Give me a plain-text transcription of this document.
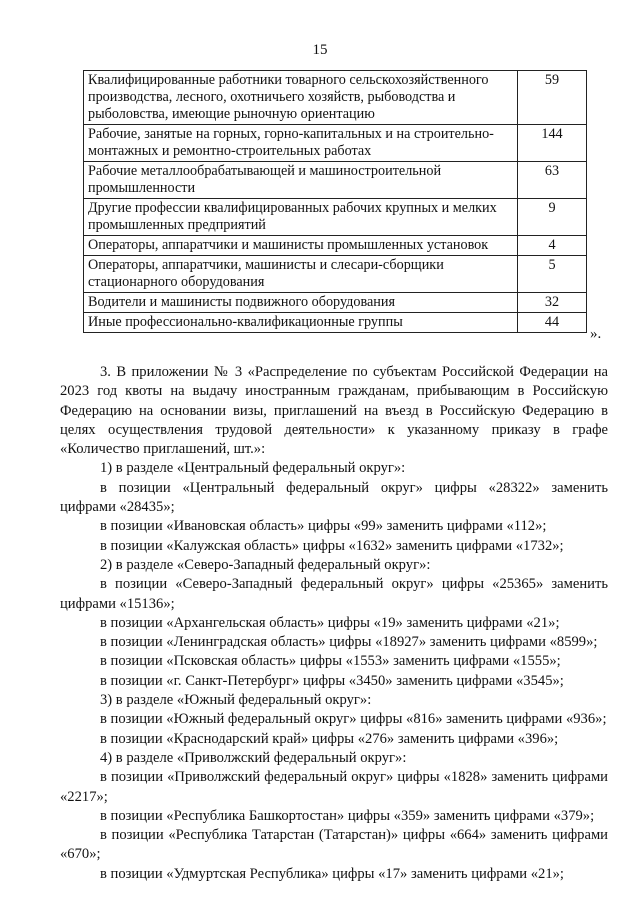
15
Квалифицированные работники товарного сельскохозяйственного производства, лесного, охотничьего хозяйств, рыбоводства и рыболовства, имеющие рыночную ориентацию	59
Рабочие, занятые на горных, горно-капитальных и на строительно-монтажных и ремонтно-строительных работах	144
Рабочие металлообрабатывающей и машиностроительной промышленности	63
Другие профессии квалифицированных рабочих крупных и мелких промышленных предприятий	9
Операторы, аппаратчики и машинисты промышленных установок	4
Операторы, аппаратчики, машинисты и слесари-сборщики стационарного оборудования	5
Водители и машинисты подвижного оборудования	32
Иные профессионально-квалификационные группы	44
».

3. В приложении № 3 «Распределение по субъектам Российской Федерации на 2023 год квоты на выдачу иностранным гражданам, прибывающим в Российскую Федерацию на основании визы, приглашений на въезд в Российскую Федерацию в целях осуществления трудовой деятельности» к указанному приказу в графе «Количество приглашений, шт.»:

1) в разделе «Центральный федеральный округ»:

в позиции «Центральный федеральный округ» цифры «28322» заменить цифрами «28435»;

в позиции «Ивановская область» цифры «99» заменить цифрами «112»;

в позиции «Калужская область» цифры «1632» заменить цифрами «1732»;

2) в разделе «Северо-Западный федеральный округ»:

в позиции «Северо-Западный федеральный округ» цифры «25365» заменить цифрами «15136»;

в позиции «Архангельская область» цифры «19» заменить цифрами «21»;

в позиции «Ленинградская область» цифры «18927» заменить цифрами «8599»;

в позиции «Псковская область» цифры «1553» заменить цифрами «1555»;

в позиции «г. Санкт-Петербург» цифры «3450» заменить цифрами «3545»;

3) в разделе «Южный федеральный округ»:

в позиции «Южный федеральный округ» цифры «816» заменить цифрами «936»;

в позиции «Краснодарский край» цифры «276» заменить цифрами «396»;

4) в разделе «Приволжский федеральный округ»:

в позиции «Приволжский федеральный округ» цифры «1828» заменить цифрами «2217»;

в позиции «Республика Башкортостан» цифры «359» заменить цифрами «379»;

в позиции «Республика Татарстан (Татарстан)» цифры «664» заменить цифрами «670»;

в позиции «Удмуртская Республика» цифры «17» заменить цифрами «21»;
